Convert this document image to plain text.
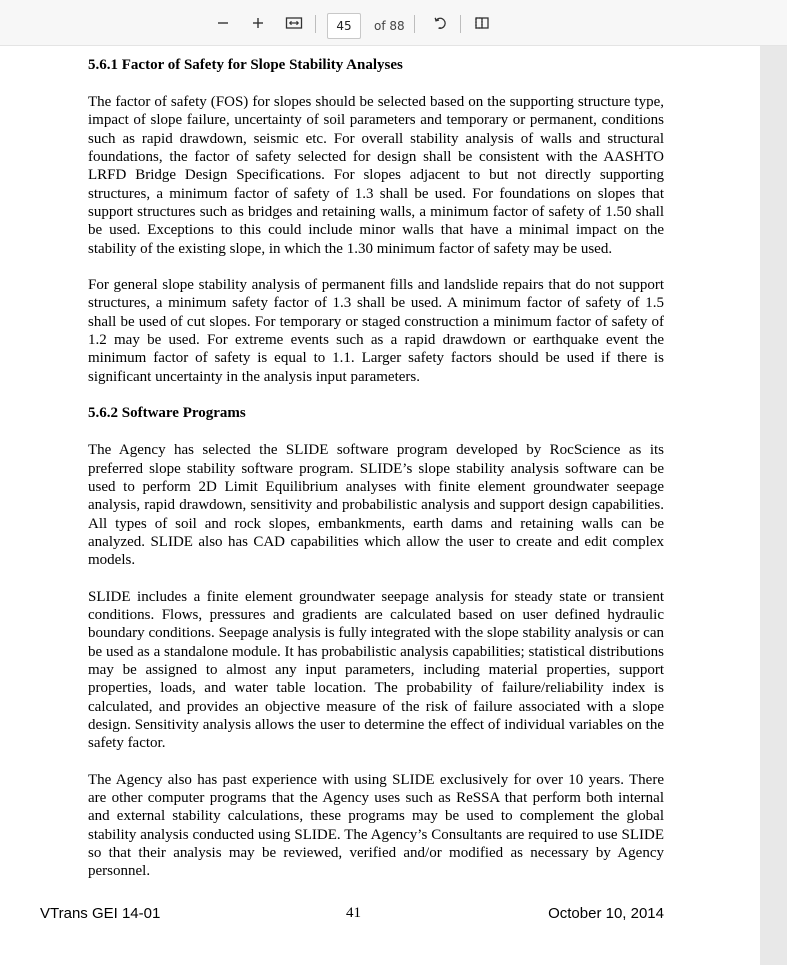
45
of 88
5.6.1 Factor of Safety for Slope Stability Analyses

The factor of safety (FOS) for slopes should be selected based on the supporting structure type, impact of slope failure, uncertainty of soil parameters and temporary or permanent, conditions such as rapid drawdown, seismic etc. For overall stability analysis of walls and structural foundations, the factor of safety selected for design shall be consistent with the AASHTO LRFD Bridge Design Specifications. For slopes adjacent to but not directly supporting structures, a minimum factor of safety of 1.3 shall be used. For foundations on slopes that support structures such as bridges and retaining walls, a minimum factor of safety of 1.50 shall be used. Exceptions to this could include minor walls that have a minimal impact on the stability of the existing slope, in which the 1.30 minimum factor of safety may be used.

For general slope stability analysis of permanent fills and landslide repairs that do not support structures, a minimum safety factor of 1.3 shall be used. A minimum factor of safety of 1.5 shall be used of cut slopes. For temporary or staged construction a minimum factor of safety of 1.2 may be used. For extreme events such as a rapid drawdown or earthquake event the minimum factor of safety is equal to 1.1. Larger safety factors should be used if there is significant uncertainty in the analysis input parameters.

5.6.2 Software Programs

The Agency has selected the SLIDE software program developed by RocScience as its preferred slope stability software program. SLIDE’s slope stability analysis software can be used to perform 2D Limit Equilibrium analyses with finite element groundwater seepage analysis, rapid drawdown, sensitivity and probabilistic analysis and support design capabilities. All types of soil and rock slopes, embankments, earth dams and retaining walls can be analyzed. SLIDE also has CAD capabilities which allow the user to create and edit complex models.

SLIDE includes a finite element groundwater seepage analysis for steady state or transient conditions. Flows, pressures and gradients are calculated based on user defined hydraulic boundary conditions. Seepage analysis is fully integrated with the slope stability analysis or can be used as a standalone module. It has probabilistic analysis capabilities; statistical distributions may be assigned to almost any input parameters, including material properties, support properties, loads, and water table location. The probability of failure/reliability index is calculated, and provides an objective measure of the risk of failure associated with a slope design. Sensitivity analysis allows the user to determine the effect of individual variables on the safety factor.

The Agency also has past experience with using SLIDE exclusively for over 10 years. There are other computer programs that the Agency uses such as ReSSA that perform both internal and external stability calculations, these programs may be used to complement the global stability analysis conducted using SLIDE. The Agency’s Consultants are required to use SLIDE so that their analysis may be reviewed, verified and/or modified as necessary by Agency personnel.

VTrans GEI 14-01	41	October 10, 2014
